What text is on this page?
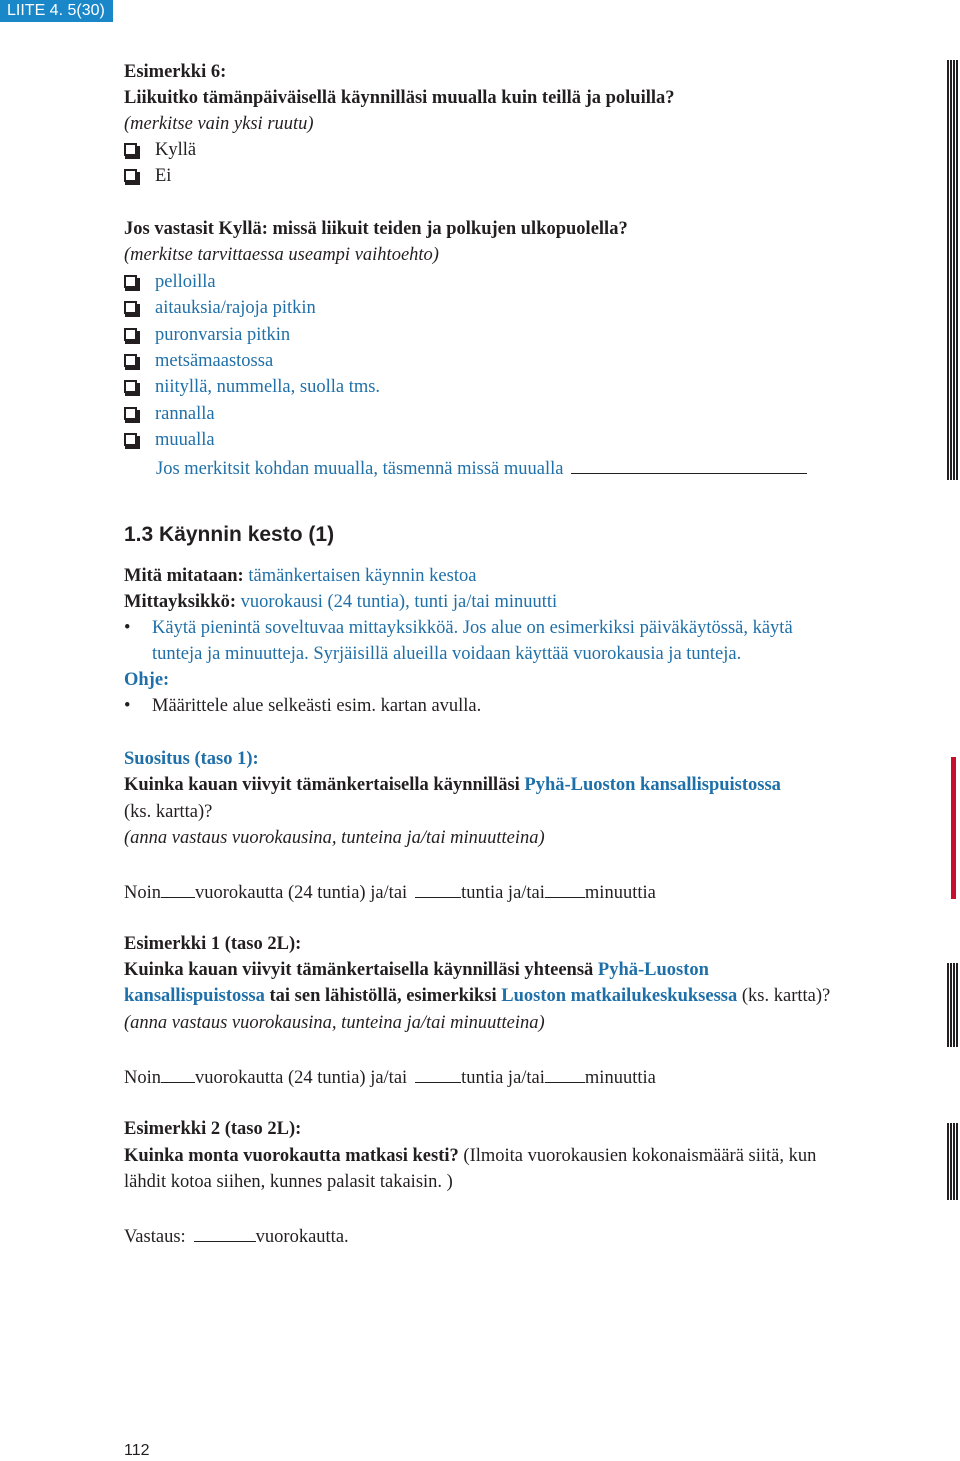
LIITE 4. 5(30)
Esimerkki 6:
Liikuitko tämänpäiväisellä käynnilläsi muualla kuin teillä ja poluilla?
(merkitse vain yksi ruutu)
Kyllä
Ei
Jos vastasit Kyllä: missä liikuit teiden ja polkujen ulkopuolella?
(merkitse tarvittaessa useampi vaihtoehto)
pelloilla
aitauksia/rajoja pitkin
puronvarsia pitkin
metsämaastossa
niityllä, nummella, suolla tms.
rannalla
muualla
Jos merkitsit kohdan muualla, täsmennä missä muualla
1.3 Käynnin kesto (1)
Mitä mitataan: tämänkertaisen käynnin kestoa
Mittayksikkö: vuorokausi (24 tuntia), tunti ja/tai minuutti
• Käytä pienintä soveltuvaa mittayksikköä. Jos alue on esimerkiksi päiväkäytössä, käytä
tunteja ja minuutteja. Syrjäisillä alueilla voidaan käyttää vuorokausia ja tunteja.
Ohje:
• Määrittele alue selkeästi esim. kartan avulla.
Suositus (taso 1):
Kuinka kauan viivyit tämänkertaisella käynnilläsi Pyhä-Luoston kansallispuistossa
(ks. kartta)?
(anna vastaus vuorokausina, tunteina ja/tai minuutteina)
Noin vuorokautta (24 tuntia) ja/tai	tuntia ja/tai minuuttia
Esimerkki 1 (taso 2L):
Kuinka kauan viivyit tämänkertaisella käynnilläsi yhteensä Pyhä-Luoston
kansallispuistossa tai sen lähistöllä, esimerkiksi Luoston matkailukeskuksessa (ks. kartta)?
(anna vastaus vuorokausina, tunteina ja/tai minuutteina)
Noin vuorokautta (24 tuntia) ja/tai	tuntia ja/tai minuuttia
Esimerkki 2 (taso 2L):
Kuinka monta vuorokautta matkasi kesti? (Ilmoita vuorokausien kokonaismäärä siitä, kun
lähdit kotoa siihen, kunnes palasit takaisin. )
Vastaus:	vuorokautta.
112
